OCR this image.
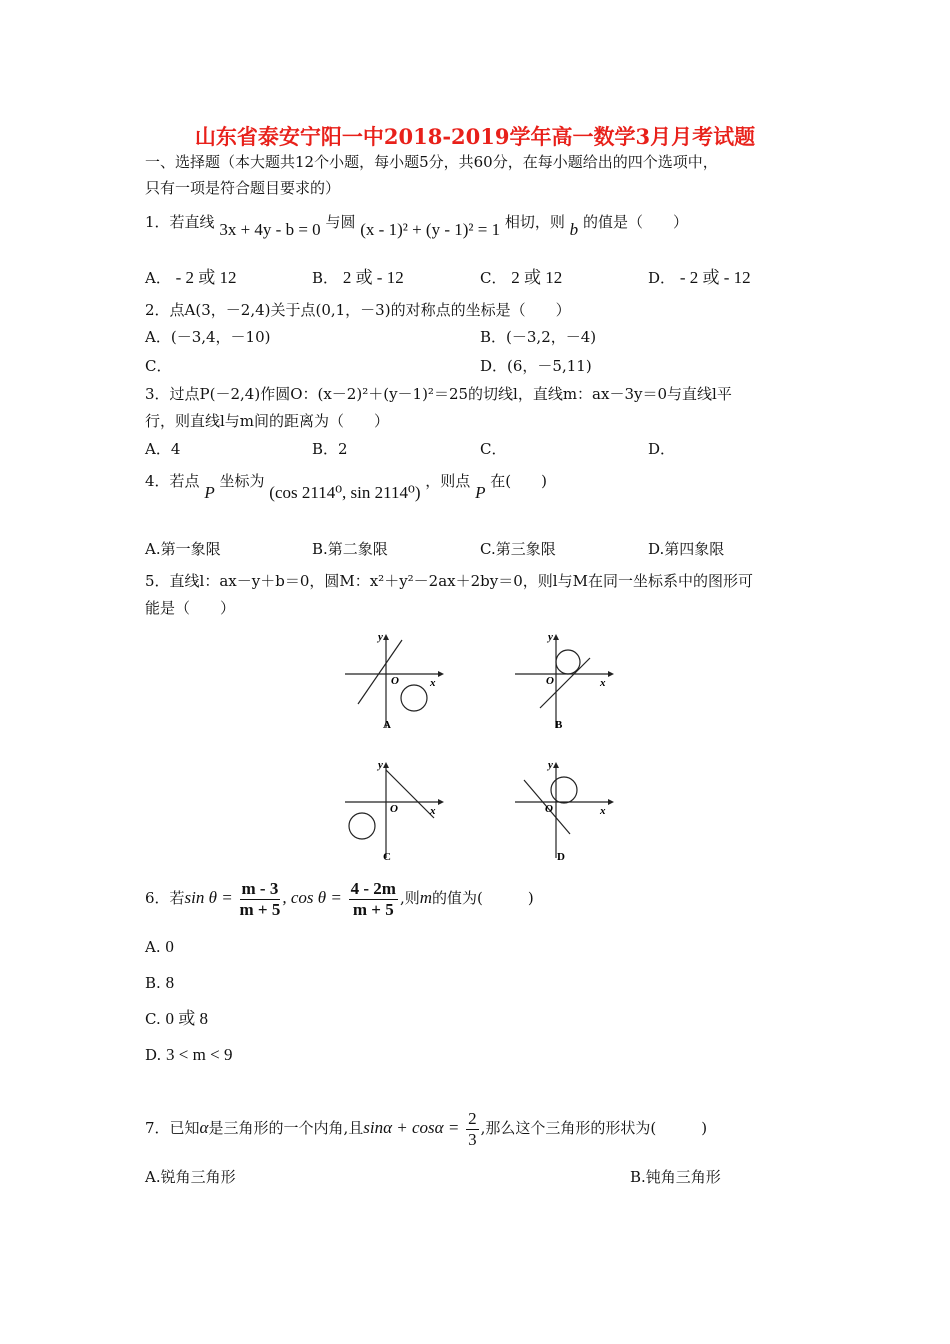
山东省泰安宁阳一中2018-2019学年高一数学3月月考试题
一、选择题（本大题共12个小题，每小题5分，共60分，在每小题给出的四个选项中，
只有一项是符合题目要求的）
1．若直线 3x + 4y - b = 0 与圆 (x - 1)² + (y - 1)² = 1 相切，则 b 的值是（　　）
A． - 2 或 12	B． 2 或 - 12	C． 2 或 12	D． - 2 或 - 12
2．点A(3，－2,4)关于点(0,1，－3)的对称点的坐标是（　　）
A．(－3,4，－10)	B．(－3,2，－4)
C．	D．(6，－5,11)
3．过点P(－2,4)作圆O：(x－2)²＋(y－1)²＝25的切线l，直线m：ax－3y＝0与直线l平
行，则直线l与m间的距离为（　　）
A．4	B．2	C．	D．
4．若点 P 坐标为 (cos 2114⁰, sin 2114⁰) ，则点 P 在(　　)
A.第一象限	B.第二象限	C.第三象限	D.第四象限
5．直线l：ax－y＋b＝0，圆M：x²＋y²－2ax＋2by＝0，则l与M在同一坐标系中的图形可
能是（　　）
y
x
O
A
y
x
O
B
y
x
O
C
y
x
O
D
6．若$\sin \theta = \frac{m - 3}{m + 5}$ , $\cos \theta = \frac{4 - 2m}{m + 5}$ ,则m的值为(　　　)
A. 0
B. 8
C. 0 或 8
D. 3 < m < 9
7．已知α是三角形的一个内角,且$\sin\alpha + \cos\alpha = \frac{2}{3}$ ,那么这个三角形的形状为(　　　)
A.锐角三角形	B.钝角三角形
